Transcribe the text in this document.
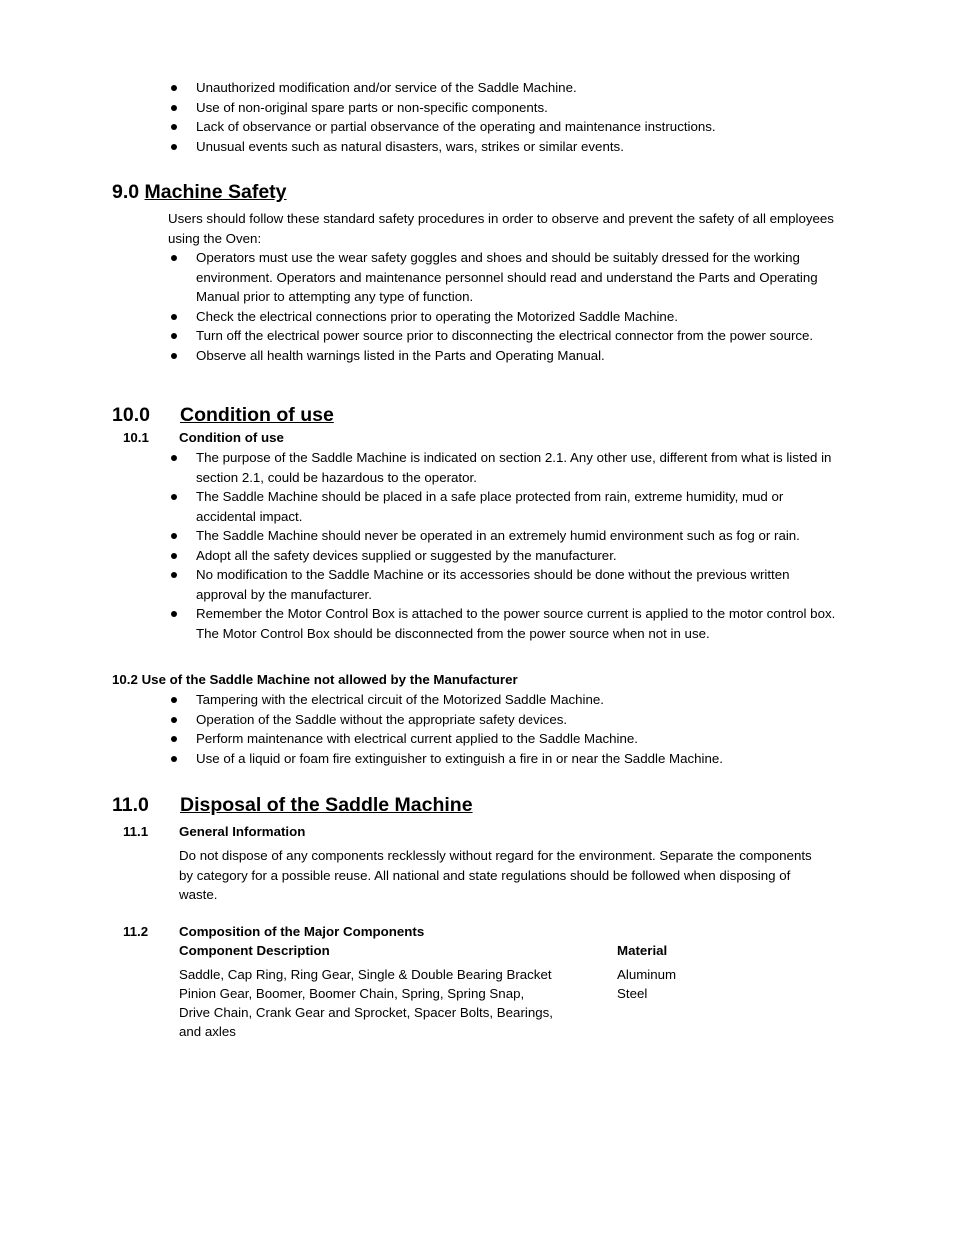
Unauthorized modification and/or service of the Saddle Machine.
Use of non-original spare parts or non-specific components.
Lack of observance or partial observance of the operating and maintenance instructions.
Unusual events such as natural disasters, wars, strikes or similar events.
9.0 Machine Safety
Users should follow these standard safety procedures in order to observe and prevent the safety of all employees using the Oven:
Operators must use the wear safety goggles and shoes and should be suitably dressed for the working environment. Operators and maintenance personnel should read and understand the Parts and Operating Manual prior to attempting any type of function.
Check the electrical connections prior to operating the Motorized Saddle Machine.
Turn off the electrical power source prior to disconnecting the electrical connector from the power source.
Observe all health warnings listed in the Parts and Operating Manual.
10.0 Condition of use
10.1 Condition of use
The purpose of the Saddle Machine is indicated on section 2.1. Any other use, different from what is listed in section 2.1, could be hazardous to the operator.
The Saddle Machine should be placed in a safe place protected from rain, extreme humidity, mud or accidental impact.
The Saddle Machine should never be operated in an extremely humid environment such as fog or rain.
Adopt all the safety devices supplied or suggested by the manufacturer.
No modification to the Saddle Machine or its accessories should be done without the previous written approval by the manufacturer.
Remember the Motor Control Box is attached to the power source current is applied to the motor control box. The Motor Control Box should be disconnected from the power source when not in use.
10.2 Use of the Saddle Machine not allowed by the Manufacturer
Tampering with the electrical circuit of the Motorized Saddle Machine.
Operation of the Saddle without the appropriate safety devices.
Perform maintenance with electrical current applied to the Saddle Machine.
Use of a liquid or foam fire extinguisher to extinguish a fire in or near the Saddle Machine.
11.0 Disposal of the Saddle Machine
11.1 General Information
Do not dispose of any components recklessly without regard for the environment. Separate the components by category for a possible reuse. All national and state regulations should be followed when disposing of waste.
11.2 Composition of the Major Components
Component Description	Material
Saddle, Cap Ring, Ring Gear, Single & Double Bearing Bracket
Pinion Gear, Boomer, Boomer Chain, Spring, Spring Snap,
Drive Chain, Crank Gear and Sprocket, Spacer Bolts, Bearings,
and axles
Aluminum
Steel
